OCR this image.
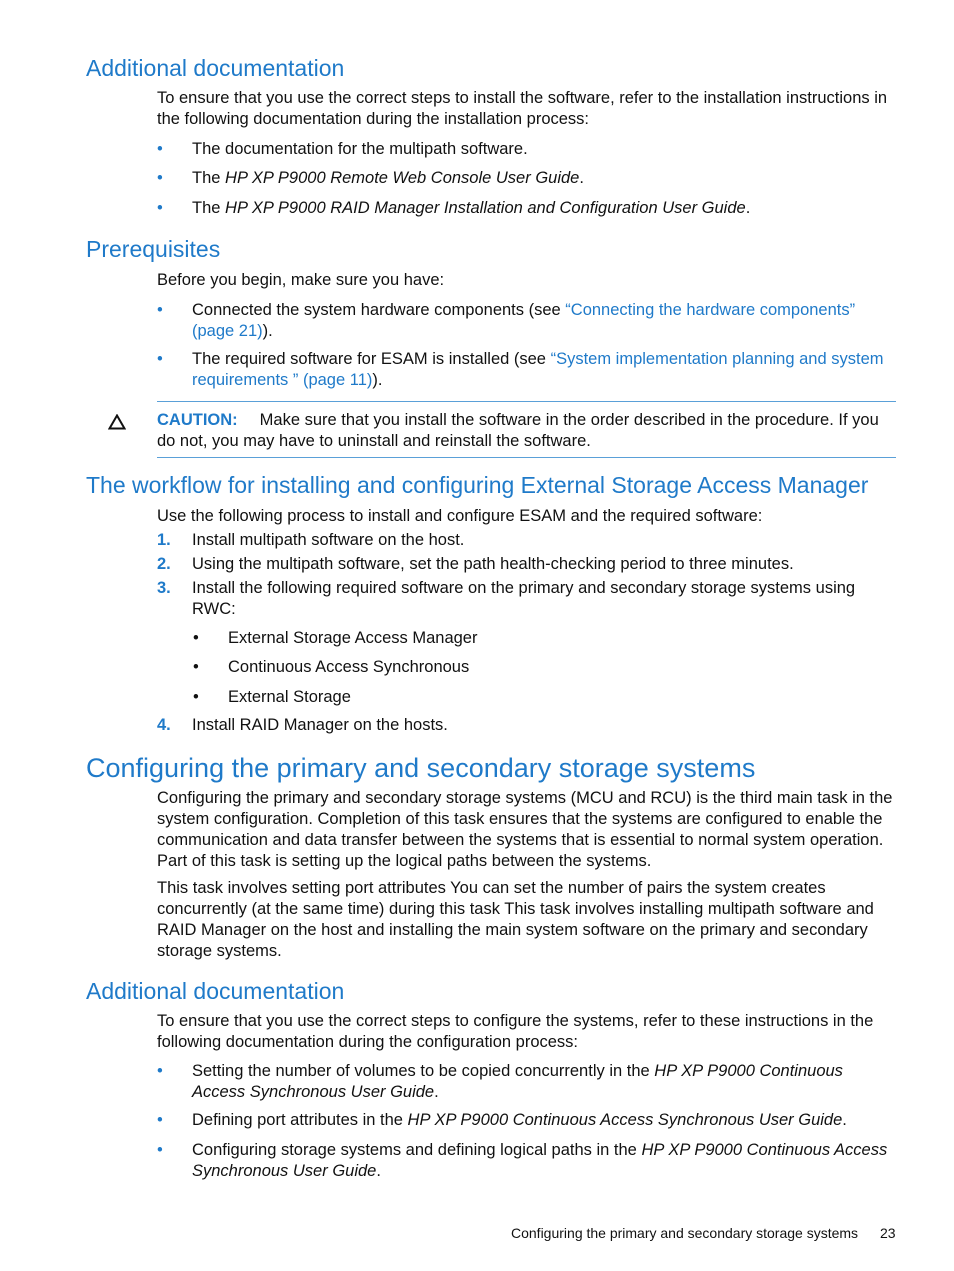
Additional documentation

To ensure that you use the correct steps to install the software, refer to the installation instructions in the following documentation during the installation process:

•	The documentation for the multipath software.
•	The HP XP P9000 Remote Web Console User Guide.
•	The HP XP P9000 RAID Manager Installation and Configuration User Guide.
Prerequisites

Before you begin, make sure you have:

•	Connected the system hardware components (see “Connecting the hardware components” (page 21)).
•	The required software for ESAM is installed (see “System implementation planning and system requirements ” (page 11)).
CAUTION: Make sure that you install the software in the order described in the procedure. If you do not, you may have to uninstall and reinstall the software.
The workflow for installing and configuring External Storage Access Manager

Use the following process to install and configure ESAM and the required software:

1.	Install multipath software on the host.
2.	Using the multipath software, set the path health-checking period to three minutes.
3.	Install the following required software on the primary and secondary storage systems using RWC:
•	External Storage Access Manager
•	Continuous Access Synchronous
•	External Storage
4.	Install RAID Manager on the hosts.
Configuring the primary and secondary storage systems

Configuring the primary and secondary storage systems (MCU and RCU) is the third main task in the system configuration. Completion of this task ensures that the systems are configured to enable the communication and data transfer between the systems that is essential to normal system operation. Part of this task is setting up the logical paths between the systems.

This task involves setting port attributes You can set the number of pairs the system creates concurrently (at the same time) during this task This task involves installing multipath software and RAID Manager on the host and installing the main system software on the primary and secondary storage systems.

Additional documentation

To ensure that you use the correct steps to configure the systems, refer to these instructions in the following documentation during the configuration process:

•	Setting the number of volumes to be copied concurrently in the HP XP P9000 Continuous Access Synchronous User Guide.
•	Defining port attributes in the HP XP P9000 Continuous Access Synchronous User Guide.
•	Configuring storage systems and defining logical paths in the HP XP P9000 Continuous Access Synchronous User Guide.
Configuring the primary and secondary storage systems 23
